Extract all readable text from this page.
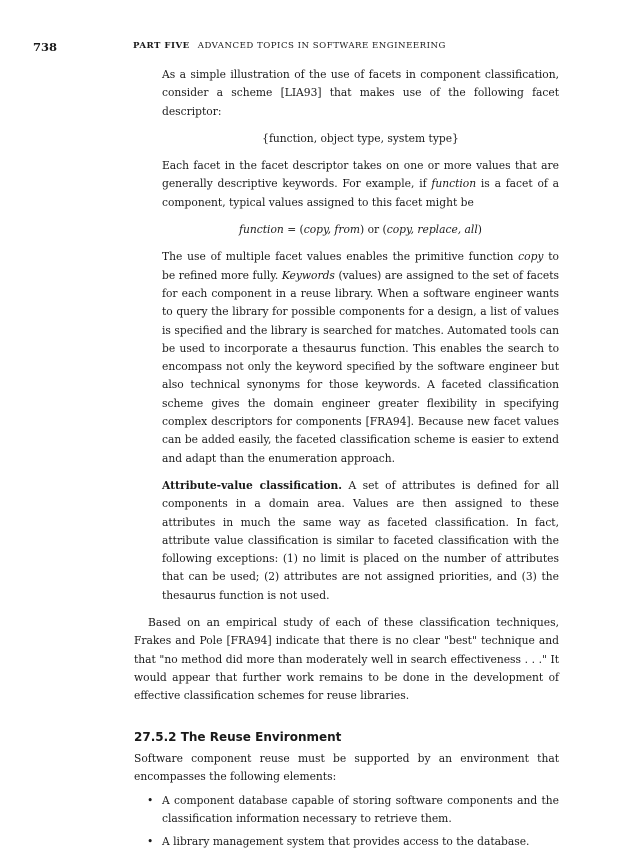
738	PART FIVE ADVANCED TOPICS IN SOFTWARE ENGINEERING

As a simple illustration of the use of facets in component classification, consider a scheme [LIA93] that makes use of the following facet descriptor:

{function, object type, system type}

Each facet in the facet descriptor takes on one or more values that are generally descriptive keywords. For example, if function is a facet of a component, typical values assigned to this facet might be

function = (copy, from) or (copy, replace, all)

The use of multiple facet values enables the primitive function copy to be refined more fully. Keywords (values) are assigned to the set of facets for each component in a reuse library. When a software engineer wants to query the library for possible components for a design, a list of values is specified and the library is searched for matches. Automated tools can be used to incorporate a thesaurus function. This enables the search to encompass not only the keyword specified by the software engineer but also technical synonyms for those keywords. A faceted classification scheme gives the domain engineer greater flexibility in specifying complex descriptors for components [FRA94]. Because new facet values can be added easily, the faceted classification scheme is easier to extend and adapt than the enumeration approach.

Attribute-value classification. A set of attributes is defined for all components in a domain area. Values are then assigned to these attributes in much the same way as faceted classification. In fact, attribute value classification is similar to faceted classification with the following exceptions: (1) no limit is placed on the number of attributes that can be used; (2) attributes are not assigned priorities, and (3) the thesaurus function is not used.

Based on an empirical study of each of these classification techniques, Frakes and Pole [FRA94] indicate that there is no clear "best" technique and that "no method did more than moderately well in search effectiveness . . ." It would appear that further work remains to be done in the development of effective classification schemes for reuse libraries.

27.5.2 The Reuse Environment

Software component reuse must be supported by an environment that encompasses the following elements:

• A component database capable of storing software components and the classification information necessary to retrieve them.
• A library management system that provides access to the database.
